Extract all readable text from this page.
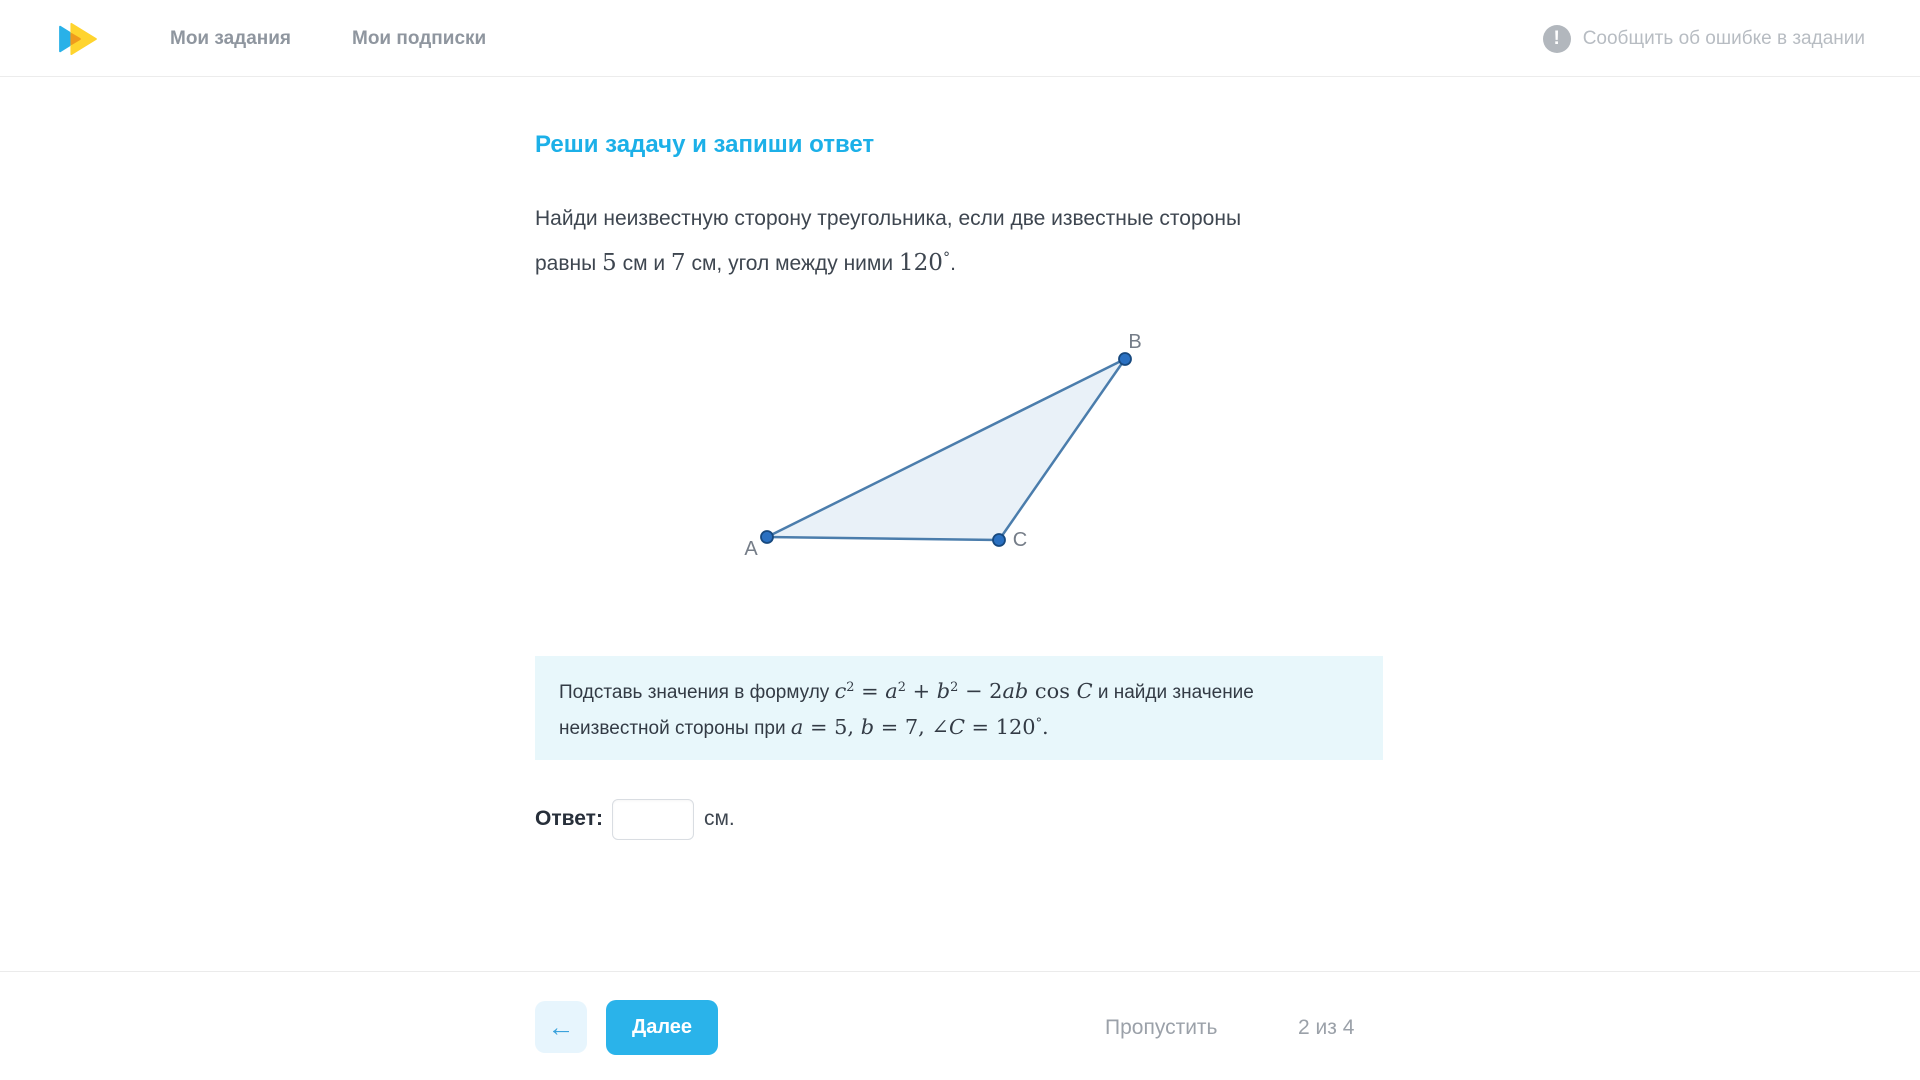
Мои задания	Мои подписки	!	Сообщить об ошибке в задании
Реши задачу и запиши ответ
Найди неизвестную сторону треугольника, если две известные стороны
равны 5 см и 7 см, угол между ними 120°.
A
B
C
Подставь значения в формулу $c^2 = a^2 + b^2 - 2ab$ cos C и найди значение
неизвестной стороны при a = 5, b = 7, ∠C = 120°.
Ответ:	см.
←	Далее	Пропустить	2 из 4
